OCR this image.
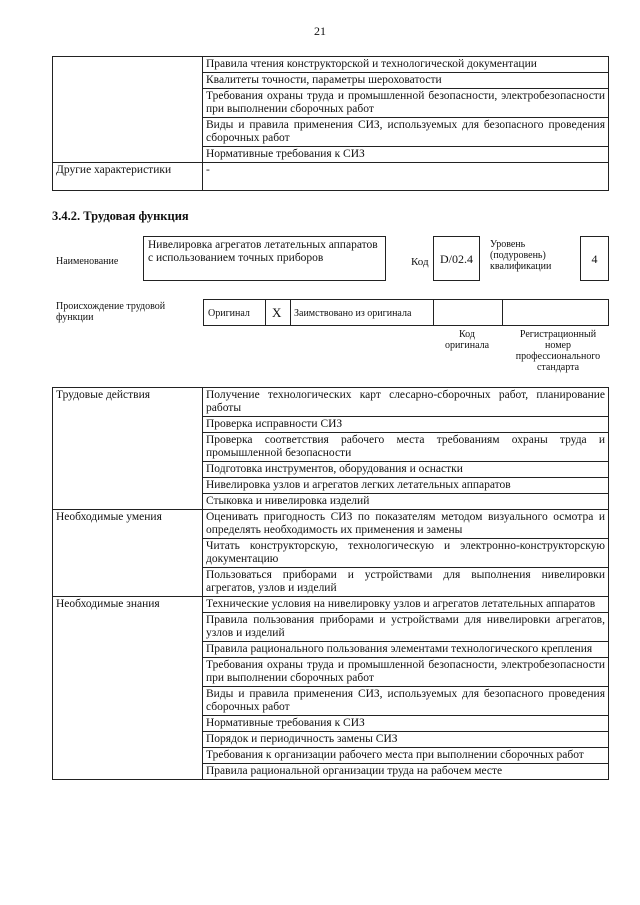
21
	Правила чтения конструкторской и технологической документации
	Квалитеты точности, параметры шероховатости
	Требования охраны труда и промышленной безопасности, электробезопасности при выполнении сборочных работ
	Виды и правила применения СИЗ, используемых для безопасного проведения сборочных работ
	Нормативные требования к СИЗ
Другие характеристики	-
3.4.2. Трудовая функция
Наименование
Нивелировка агрегатов летательных аппаратов с использованием точных приборов	Код D/02.4
Уровень (подуровень) квалификации
4
Происхождение трудовой функции	Оригинал X Заимствовано из оригинала
Код оригинала
Регистрационный номер профессионального стандарта
Трудовые действия	Получение технологических карт слесарно-сборочных работ, планирование работы
	Проверка исправности СИЗ
	Проверка соответствия рабочего места требованиям охраны труда и промышленной безопасности
	Подготовка инструментов, оборудования и оснастки
	Нивелировка узлов и агрегатов легких летательных аппаратов
	Стыковка и нивелировка изделий
Необходимые умения	Оценивать пригодность СИЗ по показателям методом визуального осмотра и определять необходимость их применения и замены
	Читать конструкторскую, технологическую и электронно-конструкторскую документацию
	Пользоваться приборами и устройствами для выполнения нивелировки агрегатов, узлов и изделий
Необходимые знания	Технические условия на нивелировку узлов и агрегатов летательных аппаратов
	Правила пользования приборами и устройствами для нивелировки агрегатов, узлов и изделий
	Правила рационального пользования элементами технологического крепления
	Требования охраны труда и промышленной безопасности, электробезопасности при выполнении сборочных работ
	Виды и правила применения СИЗ, используемых для безопасного проведения сборочных работ
	Нормативные требования к СИЗ
	Порядок и периодичность замены СИЗ
	Требования к организации рабочего места при выполнении сборочных работ
	Правила рациональной организации труда на рабочем месте
